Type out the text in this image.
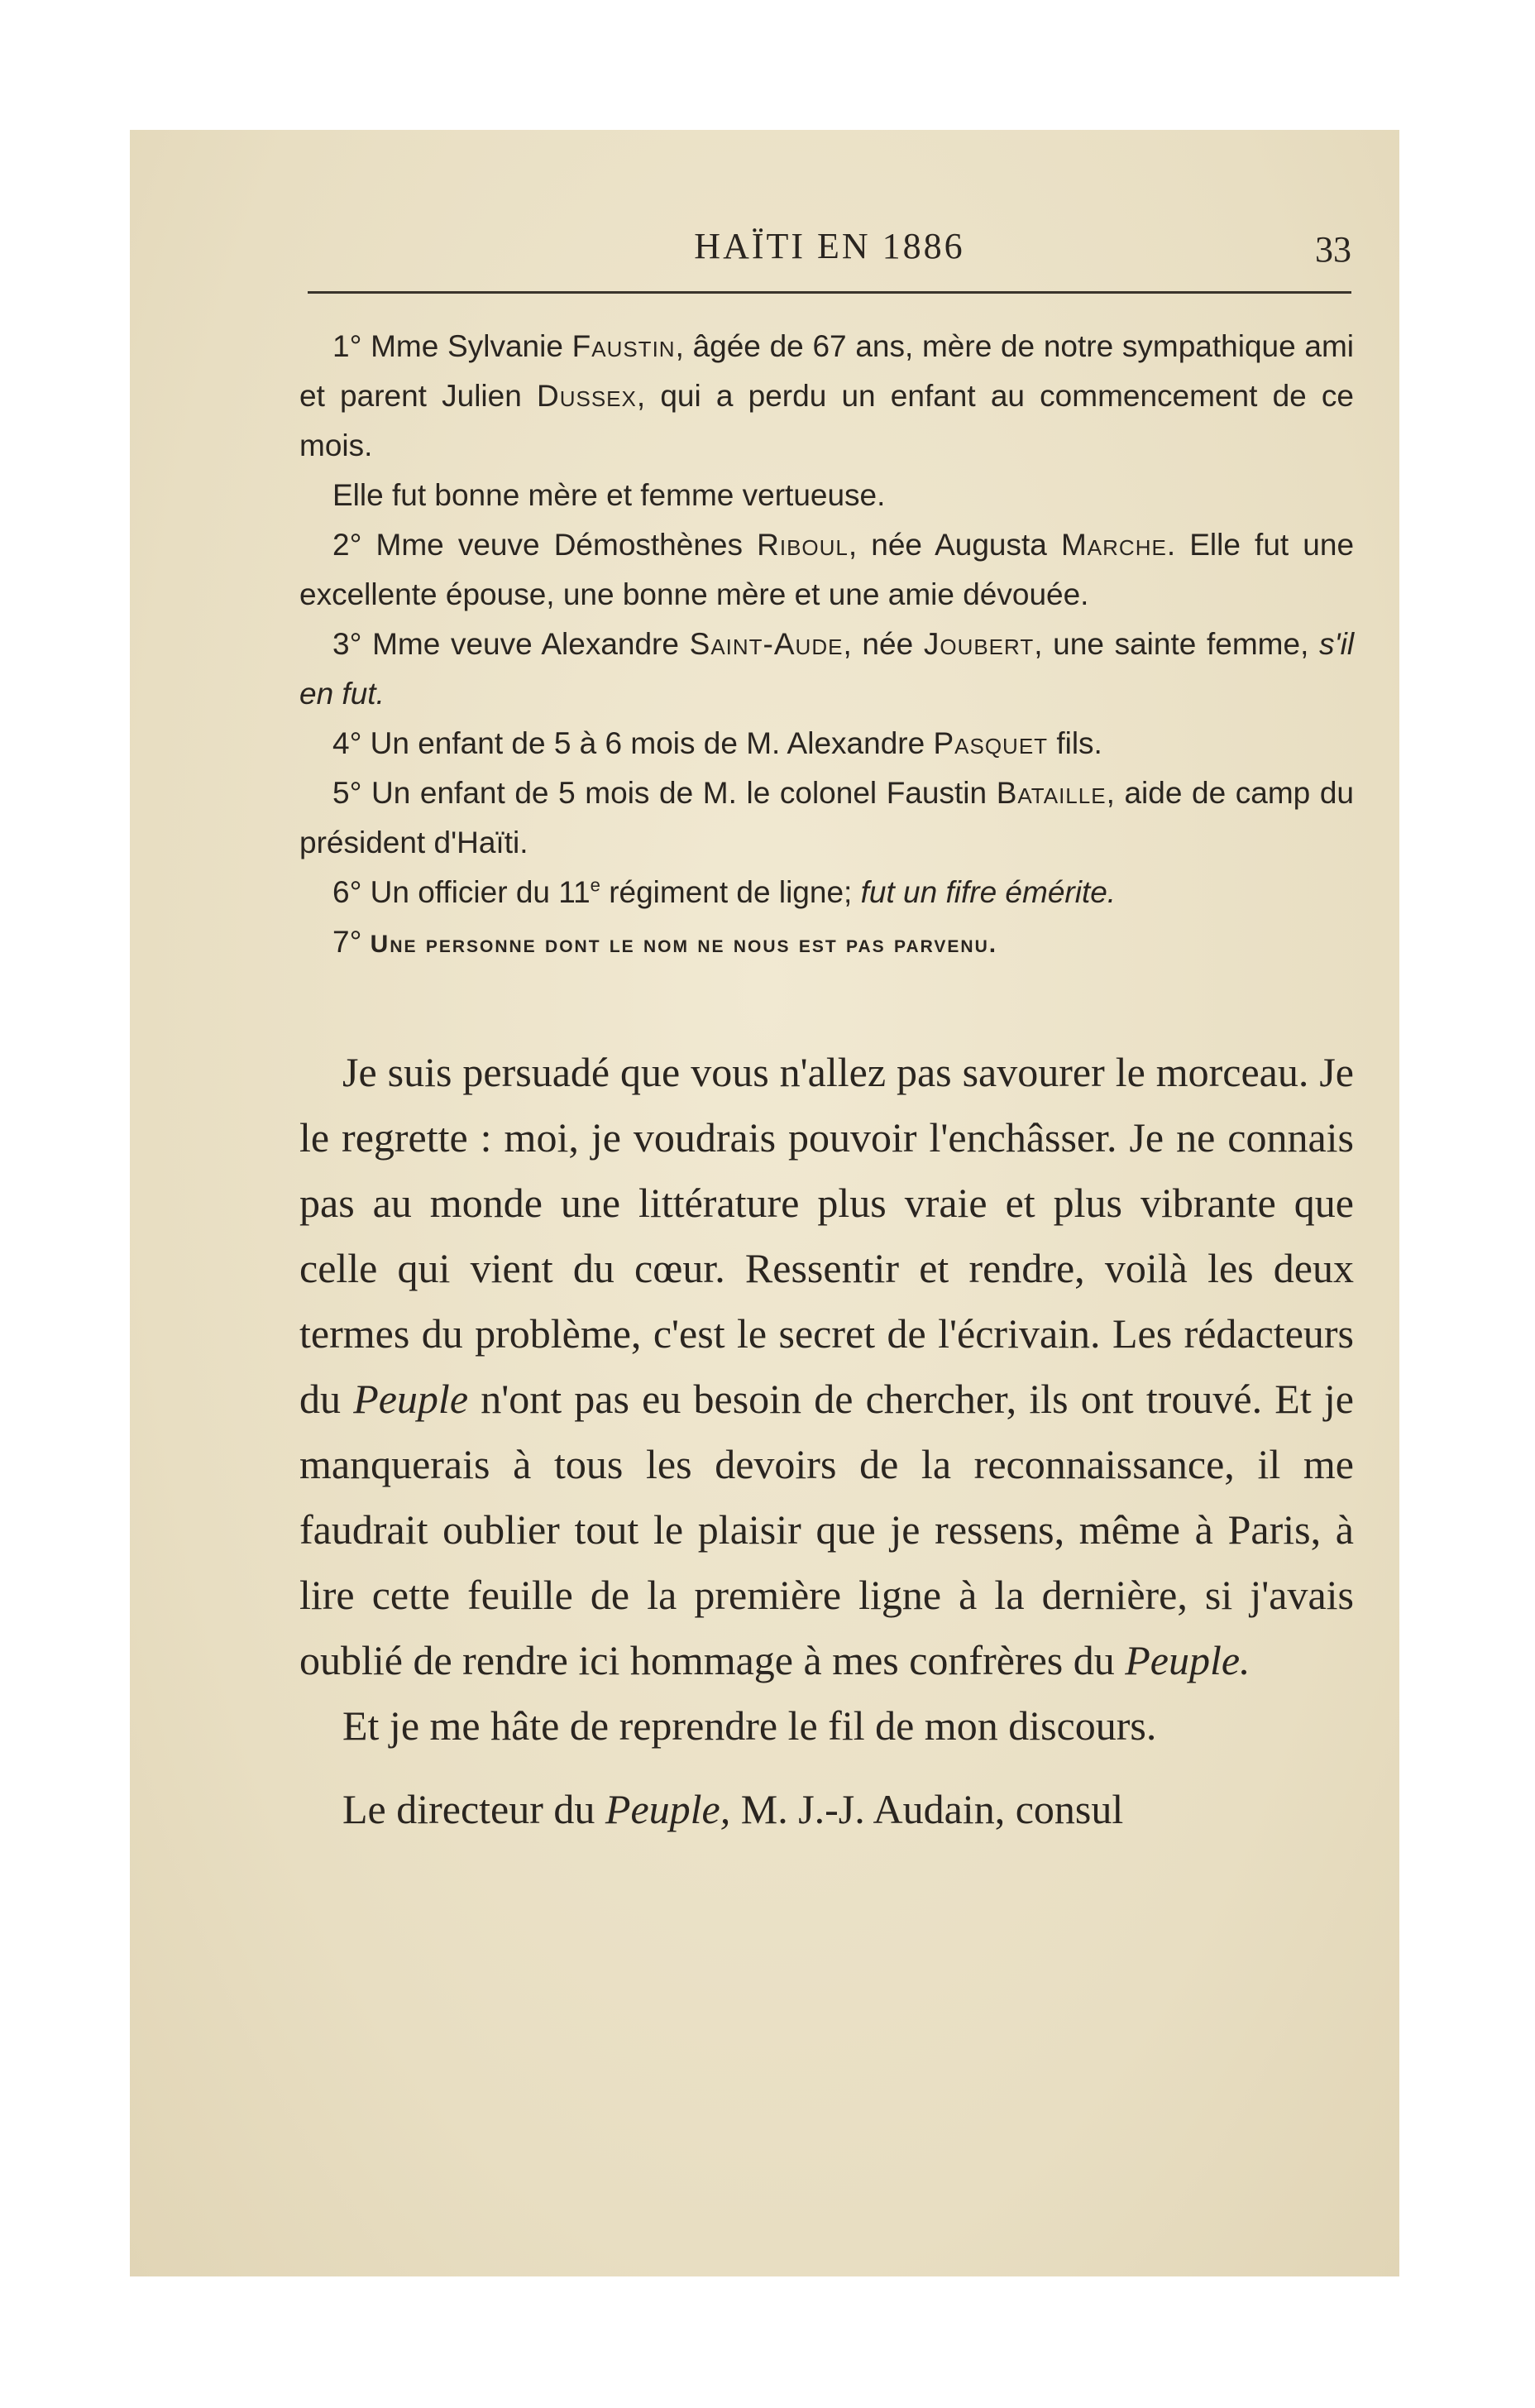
HAÏTI EN 1886	33

1° Mme Sylvanie Faustin, âgée de 67 ans, mère de notre sympathique ami et parent Julien Dussex, qui a perdu un enfant au commencement de ce mois.

Elle fut bonne mère et femme vertueuse.

2° Mme veuve Démosthènes Riboul, née Augusta Marche. Elle fut une excellente épouse, une bonne mère et une amie dévouée.

3° Mme veuve Alexandre Saint-Aude, née Joubert, une sainte femme, s'il en fut.

4° Un enfant de 5 à 6 mois de M. Alexandre Pasquet fils.

5° Un enfant de 5 mois de M. le colonel Faustin Bataille, aide de camp du président d'Haïti.

6° Un officier du 11e régiment de ligne; fut un fifre émérite.

7° Une personne dont le nom ne nous est pas parvenu.

Je suis persuadé que vous n'allez pas savourer le morceau. Je le regrette : moi, je voudrais pouvoir l'enchâsser. Je ne connais pas au monde une littérature plus vraie et plus vibrante que celle qui vient du cœur. Ressentir et rendre, voilà les deux termes du problème, c'est le secret de l'écrivain. Les rédacteurs du Peuple n'ont pas eu besoin de chercher, ils ont trouvé. Et je manquerais à tous les devoirs de la reconnaissance, il me faudrait oublier tout le plaisir que je ressens, même à Paris, à lire cette feuille de la première ligne à la dernière, si j'avais oublié de rendre ici hommage à mes confrères du Peuple.

Et je me hâte de reprendre le fil de mon discours.

Le directeur du Peuple, M. J.-J. Audain, consul
